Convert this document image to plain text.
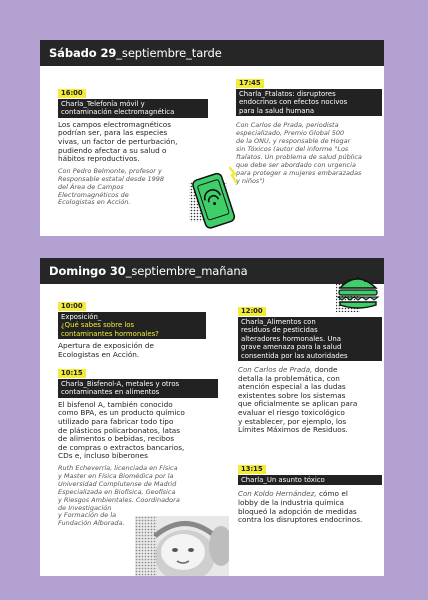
Sábado 29_septiembre_tarde
16:00
Charla_Telefonía móvil y
contaminación electromagnética
Los campos electromagnéticos
podrían ser, para las especies
vivas, un factor de perturbación,
pudiendo afectar a su salud o
hábitos reproductivos.
Con Pedro Belmonte, profesor y
Responsable estatal desde 1998
del Área de Campos
Electromagnéticos de
Ecologistas en Acción.
17:45
Charla_Ftalatos: disruptores
endocrinos con efectos nocivos
para la salud humana
Con Carlos de Prada, periodista
especializado, Premio Global 500
de la ONU, y responsable de Hogar
sin Tóxicos (autor del informe "Los
ftalatos. Un problema de salud pública
que debe ser abordado con urgencia
para proteger a mujeres embarazadas
y niños")
Domingo 30_septiembre_mañana
10:00
Exposición_
¿Qué sabes sobre los
contaminantes hormonales?
Apertura de exposición de
Ecologistas en Acción.
10:15
Charla_Bisfenol-A, metales y otros
contaminantes en alimentos
El bisfenol A, también conocido
como BPA, es un producto químico
utilizado para fabricar todo tipo
de plásticos policarbonatos, latas
de alimentos o bebidas, recibos
de compras o extractos bancarios,
CDs e, incluso biberones
Ruth Echeverría, licenciada en Física
y Master en Física Biomédica por la
Universidad Complutense de Madrid
Especializada en Biofísica, Geofísica
y Riesgos Ambientales. Coordinadora
de Investigación
y Formación de la
Fundación Alborada.
12:00
Charla_Alimentos con
residuos de pesticidas
alteradores hormonales. Una
grave amenaza para la salud
consentida por las autoridades
Con Carlos de Prada, donde
detalla la problemática, con
atención especial a las dudas
existentes sobre los sistemas
que oficialmente se aplican para
evaluar el riesgo toxicológico
y establecer, por ejemplo, los
Límites Máximos de Residuos.
13:15
Charla_Un asunto tóxico
Con Koldo Hernández, cómo el
lobby de la industria química
bloqueó la adopción de medidas
contra los disruptores endocrinos.
